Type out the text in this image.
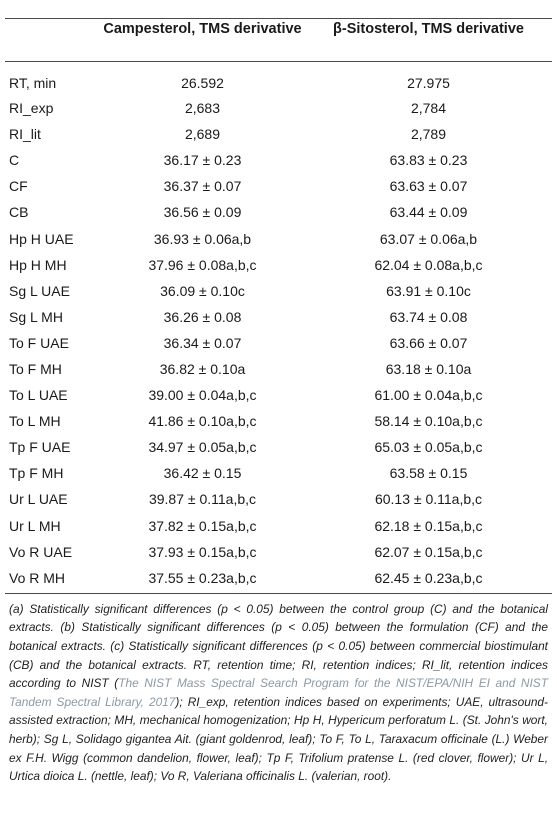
	Campesterol, TMS derivative	β-Sitosterol, TMS derivative

RT, min	26.592	27.975
RI_exp	2,683	2,784
RI_lit	2,689	2,789
C	36.17 ± 0.23	63.83 ± 0.23
CF	36.37 ± 0.07	63.63 ± 0.07
CB	36.56 ± 0.09	63.44 ± 0.09
Hp H UAE	36.93 ± 0.06a,b	63.07 ± 0.06a,b
Hp H MH	37.96 ± 0.08a,b,c	62.04 ± 0.08a,b,c
Sg L UAE	36.09 ± 0.10c	63.91 ± 0.10c
Sg L MH	36.26 ± 0.08	63.74 ± 0.08
To F UAE	36.34 ± 0.07	63.66 ± 0.07
To F MH	36.82 ± 0.10a	63.18 ± 0.10a
To L UAE	39.00 ± 0.04a,b,c	61.00 ± 0.04a,b,c
To L MH	41.86 ± 0.10a,b,c	58.14 ± 0.10a,b,c
Tp F UAE	34.97 ± 0.05a,b,c	65.03 ± 0.05a,b,c
Tp F MH	36.42 ± 0.15	63.58 ± 0.15
Ur L UAE	39.87 ± 0.11a,b,c	60.13 ± 0.11a,b,c
Ur L MH	37.82 ± 0.15a,b,c	62.18 ± 0.15a,b,c
Vo R UAE	37.93 ± 0.15a,b,c	62.07 ± 0.15a,b,c
Vo R MH	37.55 ± 0.23a,b,c	62.45 ± 0.23a,b,c

(a) Statistically significant differences (p < 0.05) between the control group (C) and the botanical extracts. (b) Statistically significant differences (p < 0.05) between the formulation (CF) and the botanical extracts. (c) Statistically significant differences (p < 0.05) between commercial biostimulant (CB) and the botanical extracts. RT, retention time; RI, retention indices; RI_lit, retention indices according to NIST (The NIST Mass Spectral Search Program for the NIST/EPA/NIH EI and NIST Tandem Spectral Library, 2017); RI_exp, retention indices based on experiments; UAE, ultrasound-assisted extraction; MH, mechanical homogenization; Hp H, Hypericum perforatum L. (St. John's wort, herb); Sg L, Solidago gigantea Ait. (giant goldenrod, leaf); To F, To L, Taraxacum officinale (L.) Weber ex F.H. Wigg (common dandelion, flower, leaf); Tp F, Trifolium pratense L. (red clover, flower); Ur L, Urtica dioica L. (nettle, leaf); Vo R, Valeriana officinalis L. (valerian, root).
